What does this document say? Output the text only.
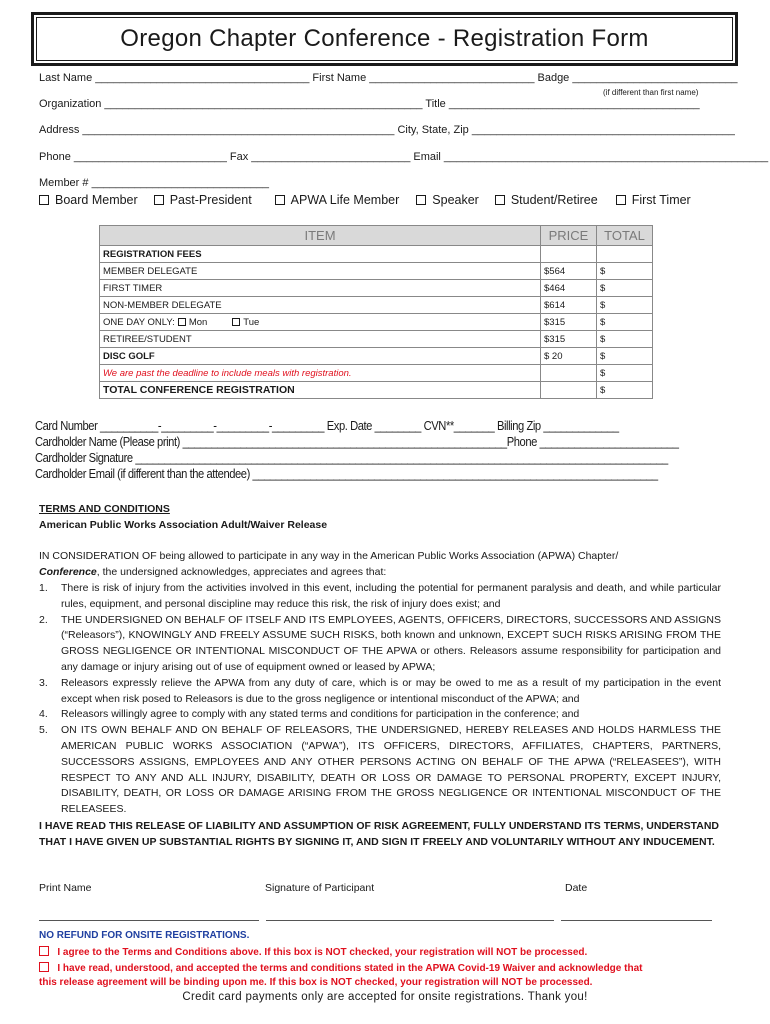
Oregon Chapter Conference - Registration Form
Last Name ___________________________________ First Name ___________________________ Badge ___________________________
(if different than first name)
Organization ____________________________________________________ Title _________________________________________
Address ___________________________________________________ City, State, Zip ___________________________________________
Phone _________________________ Fax __________________________ Email _____________________________________________________
Member # _____________________________
Board Member	Past-President	APWA Life Member	Speaker	Student/Retiree	First Timer
ITEM	PRICE	TOTAL
REGISTRATION FEES		
MEMBER DELEGATE	$564	$
FIRST TIMER	$464	$
NON-MEMBER DELEGATE	$614	$
ONE DAY ONLY: Mon Tue	$315	$
RETIREE/STUDENT	$315	$
DISC GOLF	$ 20	$
We are past the deadline to include meals with registration.		$
TOTAL CONFERENCE REGISTRATION		$
Card Number __________-_________-_________-_________ Exp. Date ________ CVN**_______ Billing Zip _____________
Cardholder Name (Please print) ________________________________________________________Phone ________________________
Cardholder Signature ____________________________________________________________________________________________
Cardholder Email (if different than the attendee) ______________________________________________________________________
TERMS AND CONDITIONS
American Public Works Association Adult/Waiver Release
IN CONSIDERATION OF being allowed to participate in any way in the American Public Works Association (APWA) Chapter/
Conference, the undersigned acknowledges, appreciates and agrees that:
1.	There is risk of injury from the activities involved in this event, including the potential for permanent paralysis and death, and while particular rules, equipment, and personal discipline may reduce this risk, the risk of injury does exist; and
2.	THE UNDERSIGNED ON BEHALF OF ITSELF AND ITS EMPLOYEES, AGENTS, OFFICERS, DIRECTORS, SUCCESSORS AND ASSIGNS (“Releasors”), KNOWINGLY AND FREELY ASSUME SUCH RISKS, both known and unknown, EXCEPT SUCH RISKS ARISING FROM THE GROSS NEGLIGENCE OR INTENTIONAL MISCONDUCT OF THE APWA or others. Releasors assume responsibility for participation and any damage or injury arising out of use of equipment owned or leased by APWA;
3.	Releasors expressly relieve the APWA from any duty of care, which is or may be owed to me as a result of my participation in the event except when risk posed to Releasors is due to the gross negligence or intentional misconduct of the APWA; and
4.	Releasors willingly agree to comply with any stated terms and conditions for participation in the conference; and
5.	ON ITS OWN BEHALF AND ON BEHALF OF RELEASORS, THE UNDERSIGNED, HEREBY RELEASES AND HOLDS HARMLESS THE AMERICAN PUBLIC WORKS ASSOCIATION (“APWA”), ITS OFFICERS, DIRECTORS, AFFILIATES, CHAPTERS, PARTNERS, SUCCESSORS ASSIGNS, EMPLOYEES AND ANY OTHER PERSONS ACTING ON BEHALF OF THE APWA (“RELEASEES”), WITH RESPECT TO ANY AND ALL INJURY, DISABILITY, DEATH OR LOSS OR DAMAGE TO PERSONAL PROPERTY, EXCEPT INJURY, DISABILITY, DEATH, OR LOSS OR DAMAGE ARISING FROM THE GROSS NEGLIGENCE OR INTENTIONAL MISCONDUCT OF THE RELEASEES.
I HAVE READ THIS RELEASE OF LIABILITY AND ASSUMPTION OF RISK AGREEMENT, FULLY UNDERSTAND ITS TERMS, UNDERSTAND THAT I HAVE GIVEN UP SUBSTANTIAL RIGHTS BY SIGNING IT, AND SIGN IT FREELY AND VOLUNTARILY WITHOUT ANY INDUCEMENT.
Print Name	Signature of Participant	Date
NO REFUND FOR ONSITE REGISTRATIONS.
I agree to the Terms and Conditions above. If this box is NOT checked, your registration will NOT be processed.
I have read, understood, and accepted the terms and conditions stated in the APWA Covid-19 Waiver and acknowledge that
this release agreement will be binding upon me. If this box is NOT checked, your registration will NOT be processed.
Credit card payments only are accepted for onsite registrations. Thank you!
